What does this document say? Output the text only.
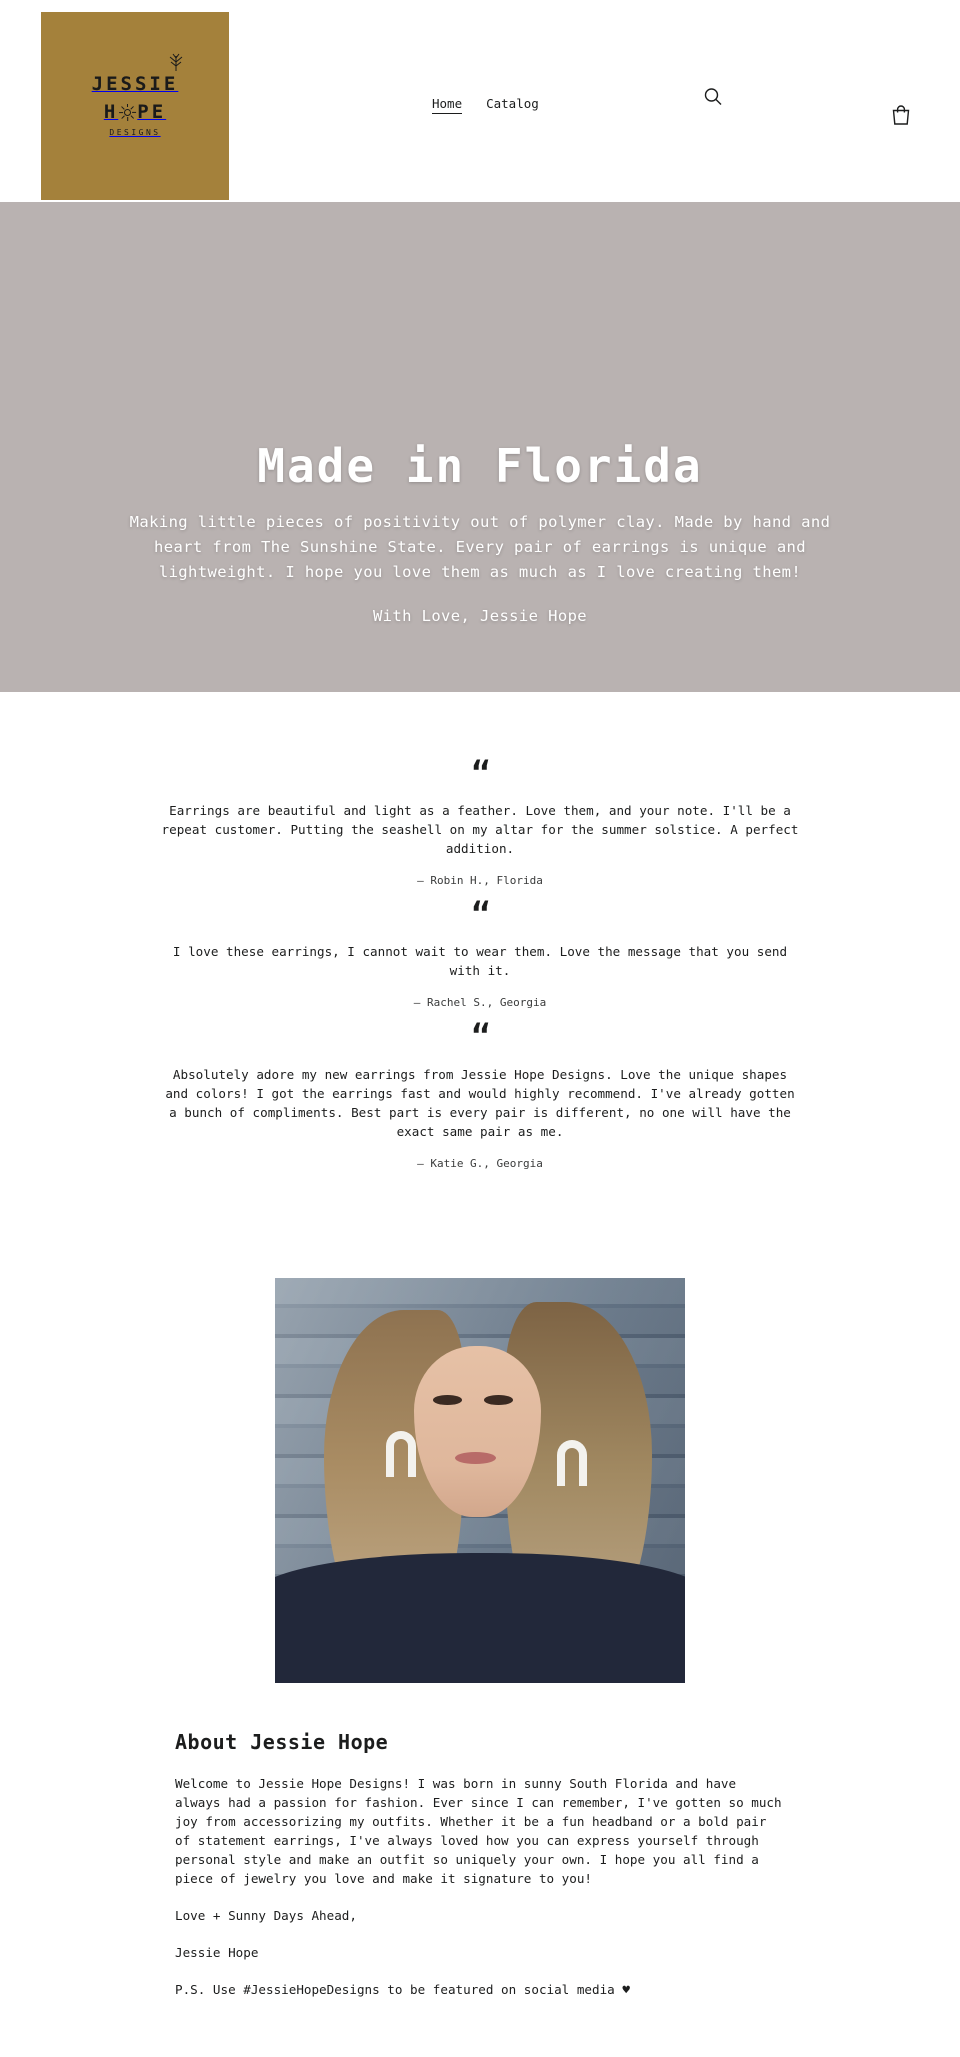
JESSIE
H PE
DESIGNS
Home Catalog
Made in Florida

Making little pieces of positivity out of polymer clay. Made by hand and heart from The Sunshine State. Every pair of earrings is unique and lightweight. I hope you love them as much as I love creating them!

With Love, Jessie Hope

“
Earrings are beautiful and light as a feather. Love them, and your note. I'll be a repeat customer. Putting the seashell on my altar for the summer solstice. A perfect addition.
— Robin H., Florida
“
I love these earrings, I cannot wait to wear them. Love the message that you send with it.
— Rachel S., Georgia
“
Absolutely adore my new earrings from Jessie Hope Designs. Love the unique shapes and colors! I got the earrings fast and would highly recommend. I've already gotten a bunch of compliments. Best part is every pair is different, no one will have the exact same pair as me.
— Katie G., Georgia
About Jessie Hope

Welcome to Jessie Hope Designs! I was born in sunny South Florida and have always had a passion for fashion. Ever since I can remember, I've gotten so much joy from accessorizing my outfits. Whether it be a fun headband or a bold pair of statement earrings, I've always loved how you can express yourself through personal style and make an outfit so uniquely your own. I hope you all find a piece of jewelry you love and make it signature to you!

Love + Sunny Days Ahead,

Jessie Hope

P.S. Use #JessieHopeDesigns to be featured on social media ♥
